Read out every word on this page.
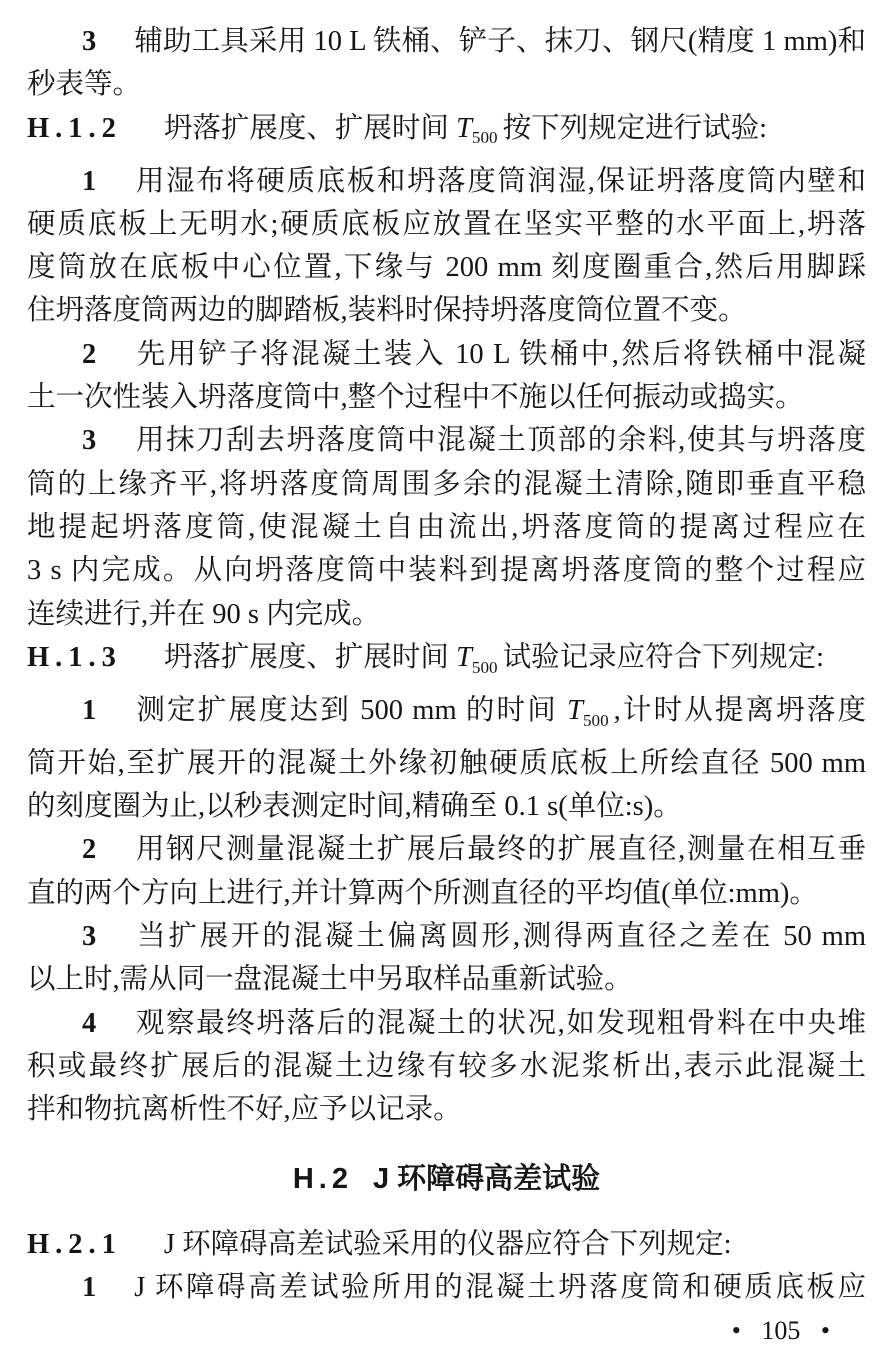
3 辅助工具采用 10 L 铁桶、铲子、抹刀、钢尺(精度 1 mm)和
秒表等。
H.1.2 坍落扩展度、扩展时间 $T_{500}$ 按下列规定进行试验:
1 用湿布将硬质底板和坍落度筒润湿,保证坍落度筒内壁和
硬质底板上无明水;硬质底板应放置在坚实平整的水平面上,坍落
度筒放在底板中心位置,下缘与 200 mm 刻度圈重合,然后用脚踩
住坍落度筒两边的脚踏板,装料时保持坍落度筒位置不变。
2 先用铲子将混凝土装入 10 L 铁桶中,然后将铁桶中混凝
土一次性装入坍落度筒中,整个过程中不施以任何振动或捣实。
3 用抹刀刮去坍落度筒中混凝土顶部的余料,使其与坍落度
筒的上缘齐平,将坍落度筒周围多余的混凝土清除,随即垂直平稳
地提起坍落度筒,使混凝土自由流出,坍落度筒的提离过程应在
3 s 内完成。从向坍落度筒中装料到提离坍落度筒的整个过程应
连续进行,并在 90 s 内完成。
H.1.3 坍落扩展度、扩展时间 $T_{500}$ 试验记录应符合下列规定:
1 测定扩展度达到 500 mm 的时间 $T_{500}$ ,计时从提离坍落度
筒开始,至扩展开的混凝土外缘初触硬质底板上所绘直径 500 mm
的刻度圈为止,以秒表测定时间,精确至 0.1 s(单位:s)。
2 用钢尺测量混凝土扩展后最终的扩展直径,测量在相互垂
直的两个方向上进行,并计算两个所测直径的平均值(单位:mm)。
3 当扩展开的混凝土偏离圆形,测得两直径之差在 50 mm
以上时,需从同一盘混凝土中另取样品重新试验。
4 观察最终坍落后的混凝土的状况,如发现粗骨料在中央堆
积或最终扩展后的混凝土边缘有较多水泥浆析出,表示此混凝土
拌和物抗离析性不好,应予以记录。
H.2 J 环障碍高差试验
H.2.1 J 环障碍高差试验采用的仪器应符合下列规定:
1 J 环障碍高差试验所用的混凝土坍落度筒和硬质底板应
• 105 •
